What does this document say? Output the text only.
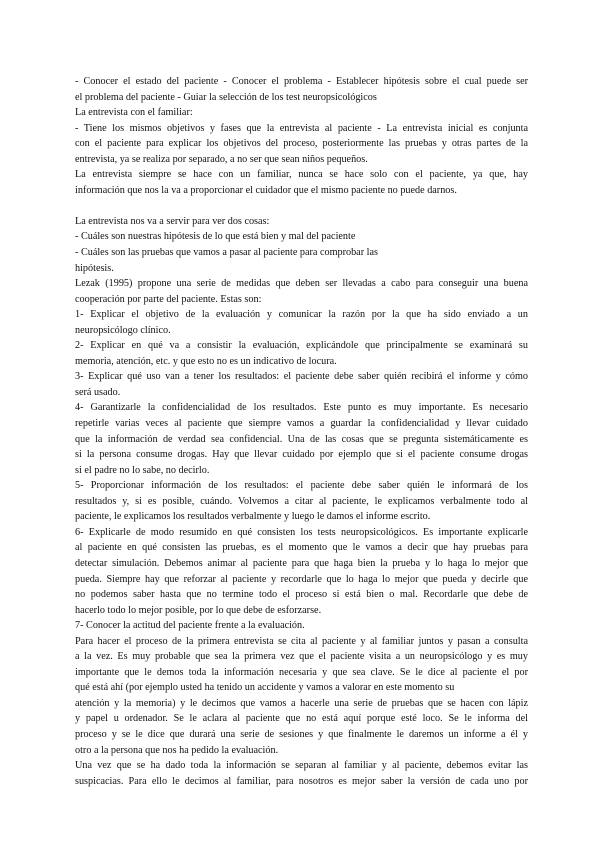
- Conocer el estado del paciente - Conocer el problema - Establecer hipótesis sobre el cual puede ser
el problema del paciente - Guiar la selección de los test neuropsicológicos
La entrevista con el familiar:
- Tiene los mismos objetivos y fases que la entrevista al paciente - La entrevista inicial es conjunta
con el paciente para explicar los objetivos del proceso, posteriormente las pruebas y otras partes de la
entrevista, ya se realiza por separado, a no ser que sean niños pequeños.
La entrevista siempre se hace con un familiar, nunca se hace solo con el paciente, ya que, hay
información que nos la va a proporcionar el cuidador que el mismo paciente no puede darnos.
La entrevista nos va a servir para ver dos cosas:
- Cuáles son nuestras hipótesis de lo que está bien y mal del paciente
- Cuáles son las pruebas que vamos a pasar al paciente para comprobar las
hipótesis.
Lezak (1995) propone una serie de medidas que deben ser llevadas a cabo para conseguir una buena
cooperación por parte del paciente. Estas son:
1- Explicar el objetivo de la evaluación y comunicar la razón por la que ha sido enviado a un
neuropsicólogo clínico.
2- Explicar en qué va a consistir la evaluación, explicándole que principalmente se examinará su
memoria, atención, etc. y que esto no es un indicativo de locura.
3- Explicar qué uso van a tener los resultados: el paciente debe saber quién recibirá el informe y cómo
será usado.
4- Garantizarle la confidencialidad de los resultados. Este punto es muy importante. Es necesario
repetirle varias veces al paciente que siempre vamos a guardar la confidencialidad y llevar cuidado
que la información de verdad sea confidencial. Una de las cosas que se pregunta sistemáticamente es
si la persona consume drogas. Hay que llevar cuidado por ejemplo que si el paciente consume drogas
si el padre no lo sabe, no decirlo.
5- Proporcionar información de los resultados: el paciente debe saber quién le informará de los
resultados y, si es posible, cuándo. Volvemos a citar al paciente, le explicamos verbalmente todo al
paciente, le explicamos los resultados verbalmente y luego le damos el informe escrito.
6- Explicarle de modo resumido en qué consisten los tests neuropsicológicos. Es importante explicarle
al paciente en qué consisten las pruebas, es el momento que le vamos a decir que hay pruebas para
detectar simulación. Debemos animar al paciente para que haga bien la prueba y lo haga lo mejor que
pueda. Siempre hay que reforzar al paciente y recordarle que lo haga lo mejor que pueda y decirle que
no podemos saber hasta que no termine todo el proceso si está bien o mal. Recordarle que debe de
hacerlo todo lo mejor posible, por lo que debe de esforzarse.
7- Conocer la actitud del paciente frente a la evaluación.
Para hacer el proceso de la primera entrevista se cita al paciente y al familiar juntos y pasan a consulta
a la vez. Es muy probable que sea la primera vez que el paciente visita a un neuropsicólogo y es muy
importante que le demos toda la información necesaria y que sea clave. Se le dice al paciente el por
qué está ahí (por ejemplo usted ha tenido un accidente y vamos a valorar en este momento su
atención y la memoria) y le decimos que vamos a hacerle una serie de pruebas que se hacen con lápiz
y papel u ordenador. Se le aclara al paciente que no está aquí porque esté loco. Se le informa del
proceso y se le dice que durará una serie de sesiones y que finalmente le daremos un informe a él y
otro a la persona que nos ha pedido la evaluación.
Una vez que se ha dado toda la información se separan al familiar y al paciente, debemos evitar las
suspicacias. Para ello le decimos al familiar, para nosotros es mejor saber la versión de cada uno por
